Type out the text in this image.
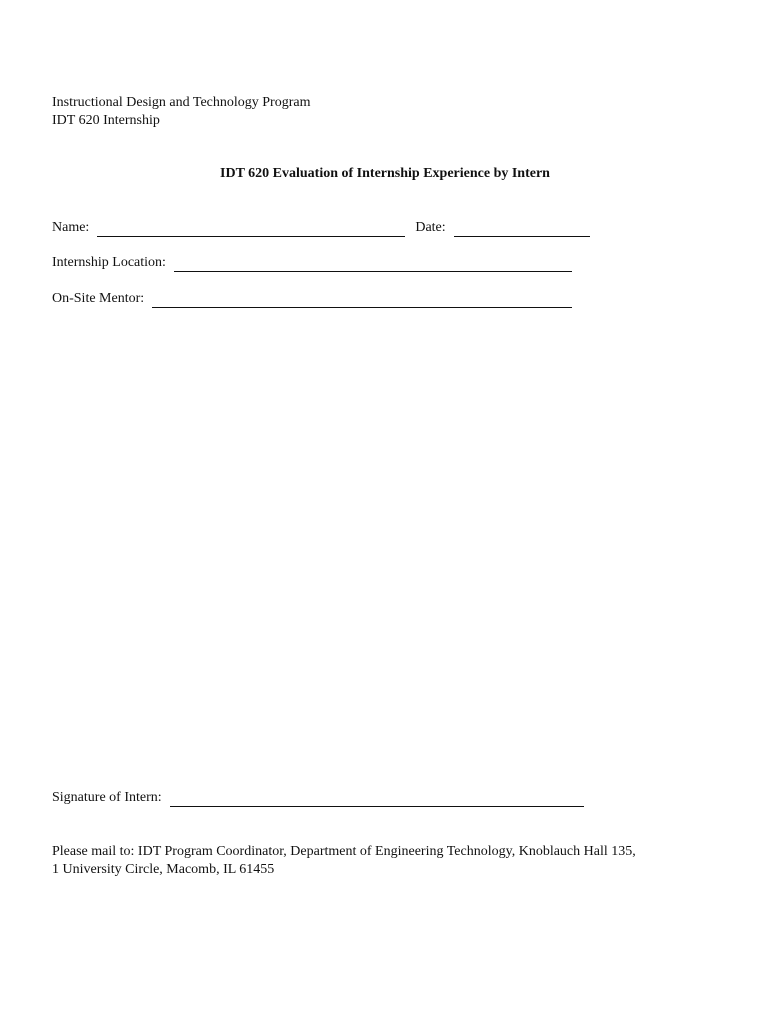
Instructional Design and Technology Program
IDT 620 Internship
IDT 620 Evaluation of Internship Experience by Intern
Name:	Date:
Internship Location:
On-Site Mentor:
Signature of Intern:
Please mail to: IDT Program Coordinator, Department of Engineering Technology, Knoblauch Hall 135,
1 University Circle, Macomb, IL 61455
